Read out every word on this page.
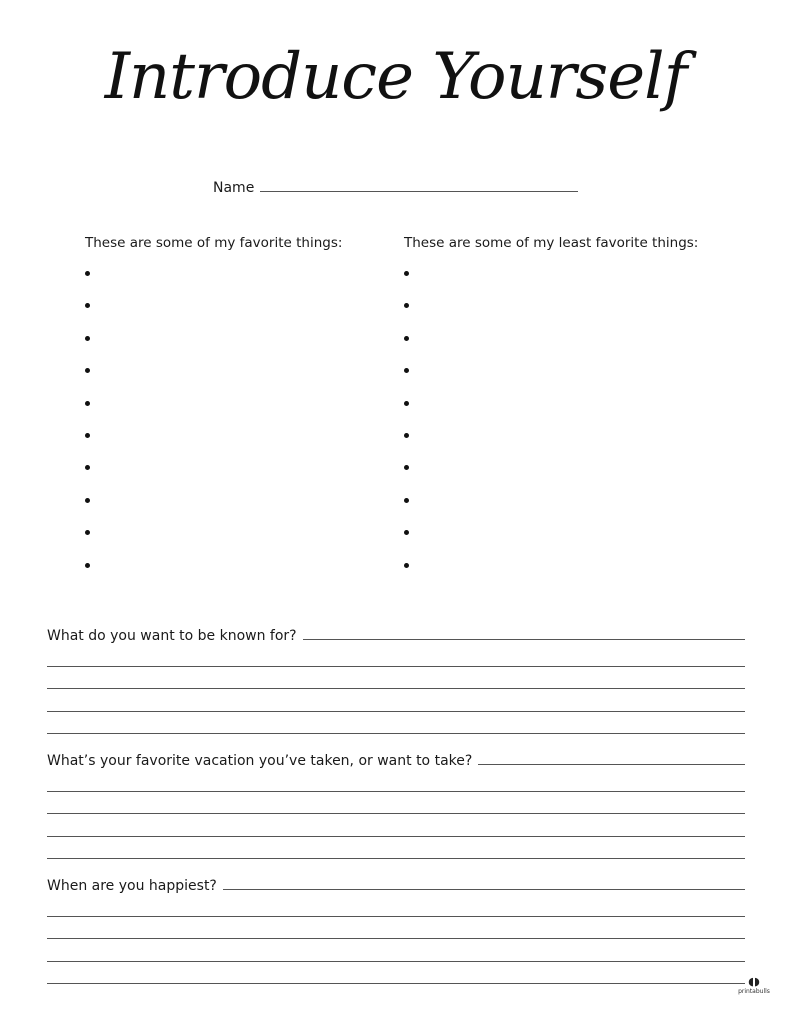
Introduce Yourself
Name
These are some of my favorite things:	These are some of my least favorite things:
What do you want to be known for?
What’s your favorite vacation you’ve taken, or want to take?
When are you happiest?
◖◗
printabulls
